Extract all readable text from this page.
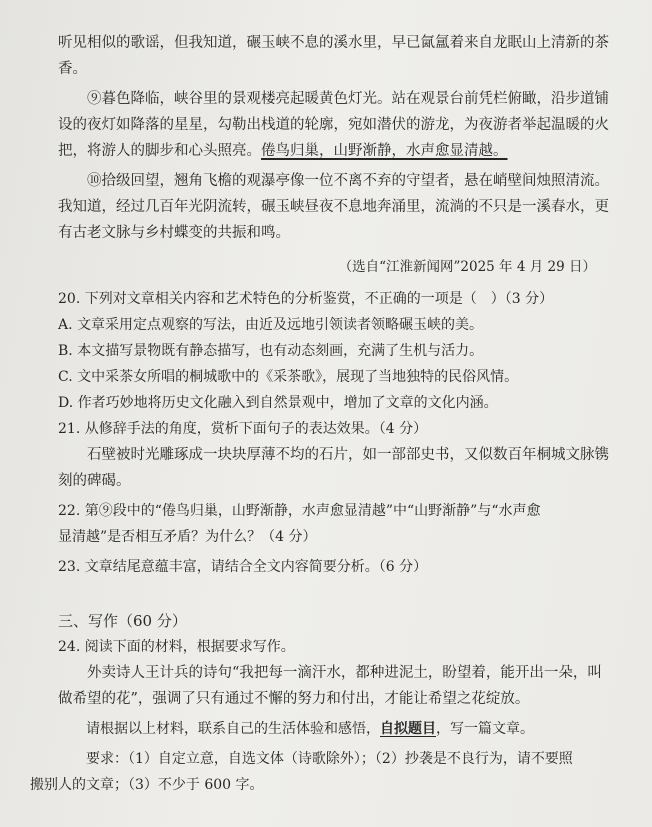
听见相似的歌谣，但我知道，碾玉峡不息的溪水里，早已氤氲着来自龙眠山上清新的茶
香。

⑨暮色降临，峡谷里的景观楼亮起暖黄色灯光。站在观景台前凭栏俯瞰，沿步道铺
设的夜灯如降落的星星，勾勒出栈道的轮廓，宛如潜伏的游龙，为夜游者举起温暖的火
把，将游人的脚步和心头照亮。倦鸟归巢，山野渐静，水声愈显清越。

⑩拾级回望，翘角飞檐的观瀑亭像一位不离不弃的守望者，悬在峭壁间烛照清流。
我知道，经过几百年光阴流转，碾玉峡昼夜不息地奔涌里，流淌的不只是一溪春水，更
有古老文脉与乡村蝶变的共振和鸣。

（选自“江淮新闻网”2025 年 4 月 29 日）

20. 下列对文章相关内容和艺术特色的分析鉴赏，不正确的一项是（　）（3 分）

A. 文章采用定点观察的写法，由近及远地引领读者领略碾玉峡的美。

B. 本文描写景物既有静态描写，也有动态刻画，充满了生机与活力。

C. 文中采茶女所唱的桐城歌中的《采茶歌》，展现了当地独特的民俗风情。

D. 作者巧妙地将历史文化融入到自然景观中，增加了文章的文化内涵。

21. 从修辞手法的角度，赏析下面句子的表达效果。（4 分）

石壁被时光雕琢成一块块厚薄不均的石片，如一部部史书，又似数百年桐城文脉镌
刻的碑碣。

22. 第⑨段中的“倦鸟归巢，山野渐静，水声愈显清越”中“山野渐静”与“水声愈
显清越”是否相互矛盾？为什么？（4 分）

23. 文章结尾意蕴丰富，请结合全文内容简要分析。（6 分）

三、写作（60 分）

24. 阅读下面的材料，根据要求写作。

外卖诗人王计兵的诗句“我把每一滴汗水，都种进泥土，盼望着，能开出一朵，叫
做希望的花”，强调了只有通过不懈的努力和付出，才能让希望之花绽放。

请根据以上材料，联系自己的生活体验和感悟，自拟题目，写一篇文章。

要求：（1）自定立意，自选文体（诗歌除外）；（2）抄袭是不良行为，请不要照
搬别人的文章；（3）不少于 600 字。
